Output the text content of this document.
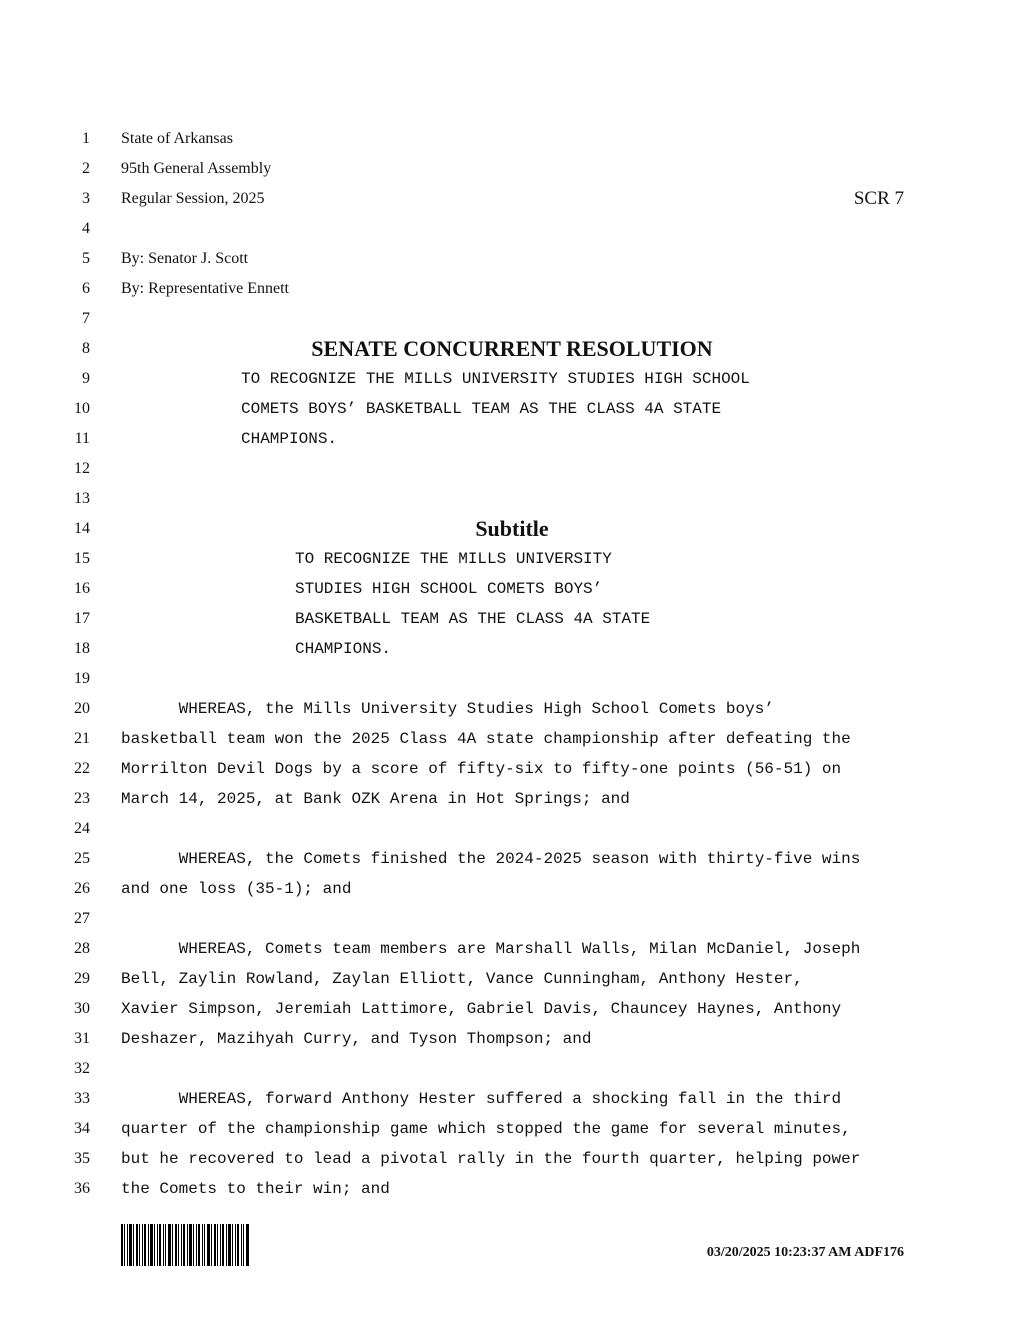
1 State of Arkansas
2 95th General Assembly
3 Regular Session, 2025	SCR 7
4
5 By: Senator J. Scott
6 By: Representative Ennett
7
8	SENATE CONCURRENT RESOLUTION
9	TO RECOGNIZE THE MILLS UNIVERSITY STUDIES HIGH SCHOOL
10	COMETS BOYS’ BASKETBALL TEAM AS THE CLASS 4A STATE
11	CHAMPIONS.
12
13
14	Subtitle
15	TO RECOGNIZE THE MILLS UNIVERSITY
16	STUDIES HIGH SCHOOL COMETS BOYS’
17	BASKETBALL TEAM AS THE CLASS 4A STATE
18	CHAMPIONS.
19
20 WHEREAS, the Mills University Studies High School Comets boys’
21 basketball team won the 2025 Class 4A state championship after defeating the
22 Morrilton Devil Dogs by a score of fifty-six to fifty-one points (56-51) on
23 March 14, 2025, at Bank OZK Arena in Hot Springs; and
24
25 WHEREAS, the Comets finished the 2024-2025 season with thirty-five wins
26 and one loss (35-1); and
27
28 WHEREAS, Comets team members are Marshall Walls, Milan McDaniel, Joseph
29 Bell, Zaylin Rowland, Zaylan Elliott, Vance Cunningham, Anthony Hester,
30 Xavier Simpson, Jeremiah Lattimore, Gabriel Davis, Chauncey Haynes, Anthony
31 Deshazer, Mazihyah Curry, and Tyson Thompson; and
32
33 WHEREAS, forward Anthony Hester suffered a shocking fall in the third
34 quarter of the championship game which stopped the game for several minutes,
35 but he recovered to lead a pivotal rally in the fourth quarter, helping power
36 the Comets to their win; and
03/20/2025 10:23:37 AM ADF176
